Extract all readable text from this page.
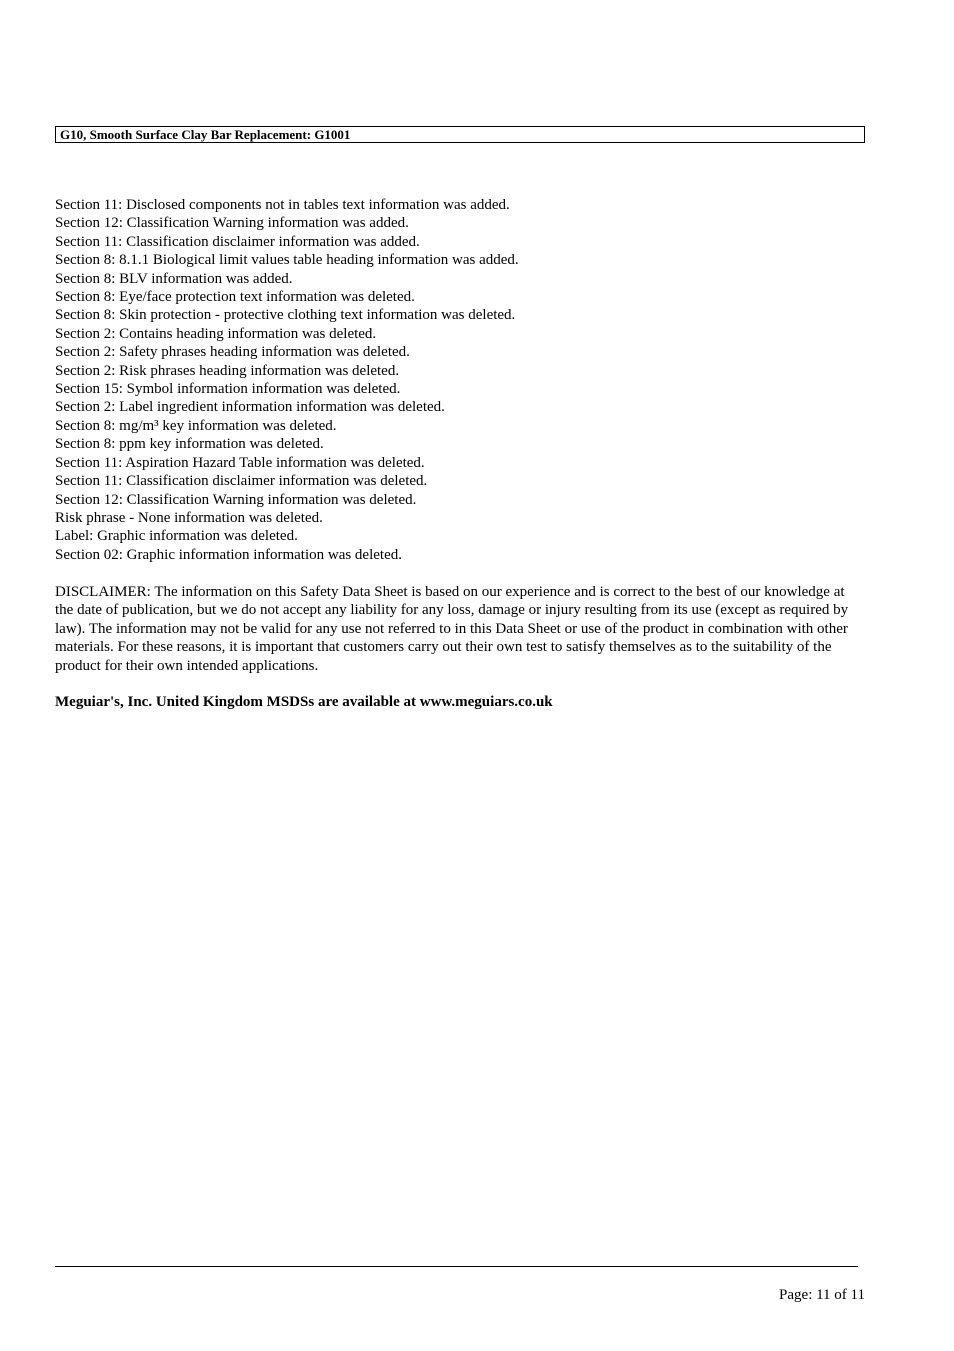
G10, Smooth Surface Clay Bar Replacement: G1001
Section 11: Disclosed components not in tables text information was added.
Section 12: Classification Warning information was added.
Section 11: Classification disclaimer information was added.
Section 8: 8.1.1 Biological limit values table heading information was added.
Section 8: BLV information was added.
Section 8: Eye/face protection text information was deleted.
Section 8: Skin protection - protective clothing text information was deleted.
Section 2: Contains heading information was deleted.
Section 2: Safety phrases heading information was deleted.
Section 2: Risk phrases heading information was deleted.
Section 15: Symbol information information was deleted.
Section 2: Label ingredient information information was deleted.
Section 8: mg/m³ key information was deleted.
Section 8: ppm key information was deleted.
Section 11: Aspiration Hazard Table information was deleted.
Section 11: Classification disclaimer information was deleted.
Section 12: Classification Warning information was deleted.
Risk phrase - None information was deleted.
Label: Graphic information was deleted.
Section 02: Graphic information information was deleted.

DISCLAIMER: The information on this Safety Data Sheet is based on our experience and is correct to the best of our knowledge at the date of publication, but we do not accept any liability for any loss, damage or injury resulting from its use (except as required by law). The information may not be valid for any use not referred to in this Data Sheet or use of the product in combination with other materials. For these reasons, it is important that customers carry out their own test to satisfy themselves as to the suitability of the product for their own intended applications.

Meguiar's, Inc. United Kingdom MSDSs are available at www.meguiars.co.uk

Page: 11 of 11
